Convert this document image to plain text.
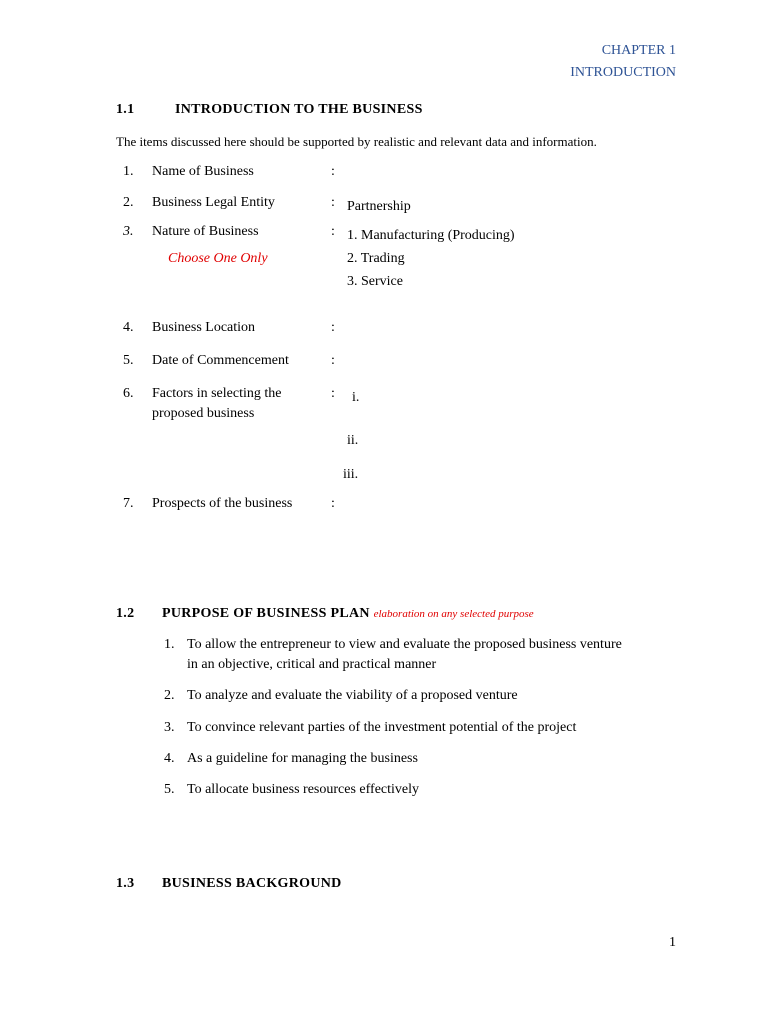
CHAPTER 1
INTRODUCTION
1.1	INTRODUCTION TO THE BUSINESS
The items discussed here should be supported by realistic and relevant data and information.
1. Name of Business	:
2. Business Legal Entity	: Partnership
3. Nature of Business	:
Choose One Only
1. Manufacturing (Producing)
2. Trading
3. Service
4. Business Location	:
5. Date of Commencement	:
6. Factors in selecting the
proposed business
: i.
ii.
iii.
7. Prospects of the business	:
1.2 PURPOSE OF BUSINESS PLAN elaboration on any selected purpose
1. To allow the entrepreneur to view and evaluate the proposed business venture
in an objective, critical and practical manner
2. To analyze and evaluate the viability of a proposed venture
3. To convince relevant parties of the investment potential of the project
4. As a guideline for managing the business
5. To allocate business resources effectively
1.3 BUSINESS BACKGROUND
1
